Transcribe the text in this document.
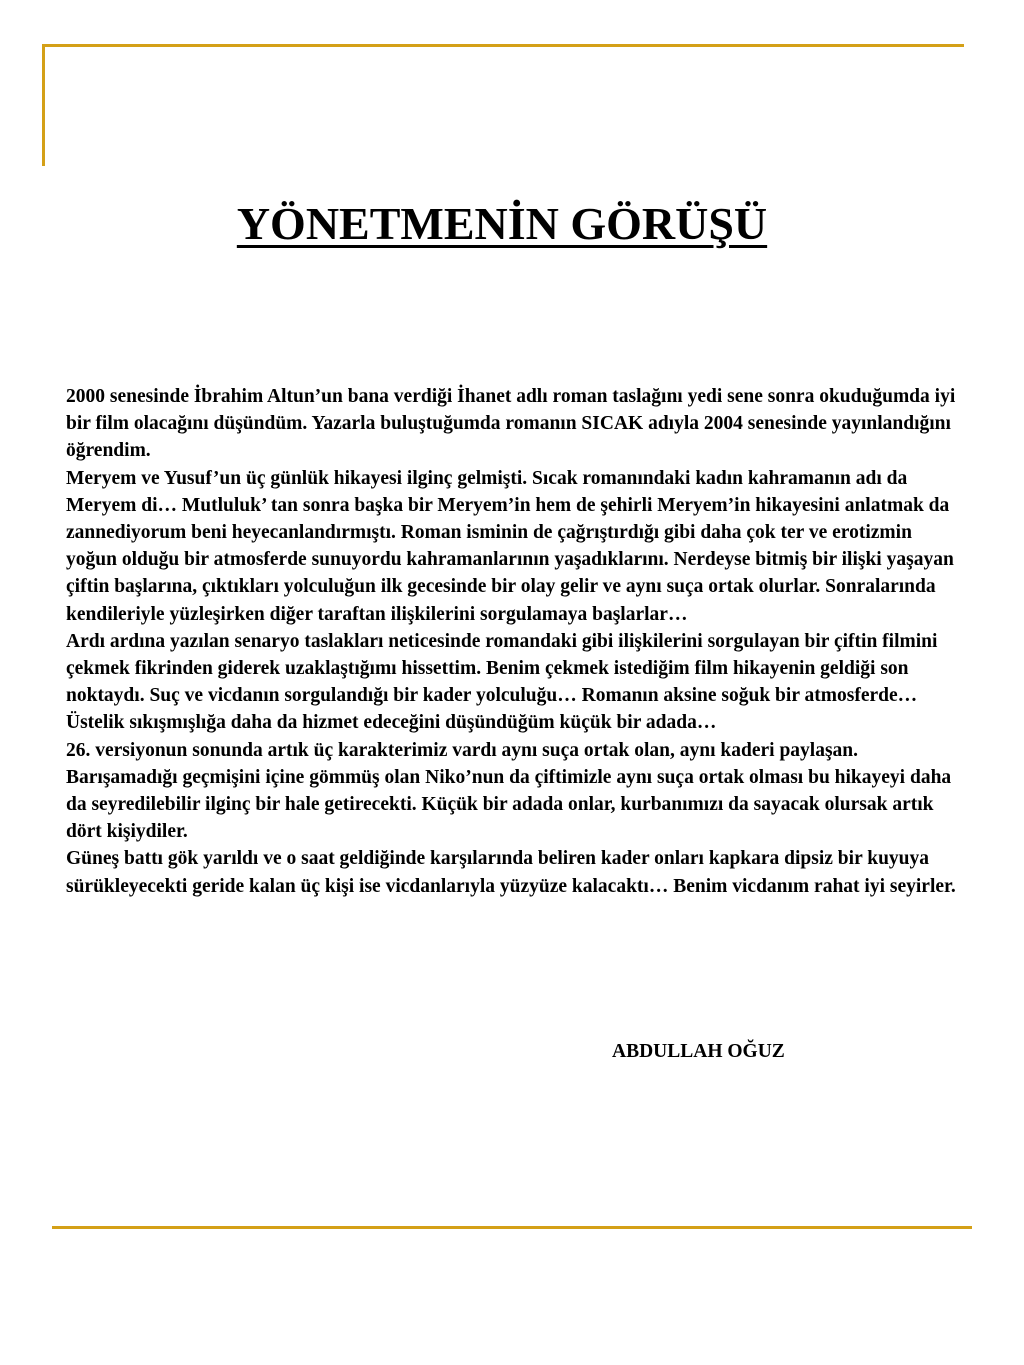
YÖNETMENİN GÖRÜŞÜ

2000 senesinde İbrahim Altun’un bana verdiği İhanet adlı roman taslağını yedi sene sonra okuduğumda iyi bir film olacağını düşündüm. Yazarla buluştuğumda romanın SICAK adıyla 2004 senesinde yayınlandığını öğrendim.

Meryem ve Yusuf’un üç günlük hikayesi ilginç gelmişti. Sıcak romanındaki kadın kahramanın adı da Meryem di… Mutluluk’ tan sonra başka bir Meryem’in hem de şehirli Meryem’in hikayesini anlatmak da zannediyorum beni heyecanlandırmıştı. Roman isminin de çağrıştırdığı gibi daha çok ter ve erotizmin yoğun olduğu bir atmosferde sunuyordu kahramanlarının yaşadıklarını. Nerdeyse bitmiş bir ilişki yaşayan çiftin başlarına, çıktıkları yolculuğun ilk gecesinde bir olay gelir ve aynı suça ortak olurlar. Sonralarında kendileriyle yüzleşirken diğer taraftan ilişkilerini sorgulamaya başlarlar…

Ardı ardına yazılan senaryo taslakları neticesinde romandaki gibi ilişkilerini sorgulayan bir çiftin filmini çekmek fikrinden giderek uzaklaştığımı hissettim. Benim çekmek istediğim film hikayenin geldiği son noktaydı. Suç ve vicdanın sorgulandığı bir kader yolculuğu… Romanın aksine soğuk bir atmosferde… Üstelik sıkışmışlığa daha da hizmet edeceğini düşündüğüm küçük bir adada…

26. versiyonun sonunda artık üç karakterimiz vardı aynı suça ortak olan, aynı kaderi paylaşan. Barışamadığı geçmişini içine gömmüş olan Niko’nun da çiftimizle aynı suça ortak olması bu hikayeyi daha da seyredilebilir ilginç bir hale getirecekti. Küçük bir adada onlar, kurbanımızı da sayacak olursak artık dört kişiydiler.

Güneş battı gök yarıldı ve o saat geldiğinde karşılarında beliren kader onları kapkara dipsiz bir kuyuya sürükleyecekti geride kalan üç kişi ise vicdanlarıyla yüzyüze kalacaktı… Benim vicdanım rahat iyi seyirler.

ABDULLAH OĞUZ
